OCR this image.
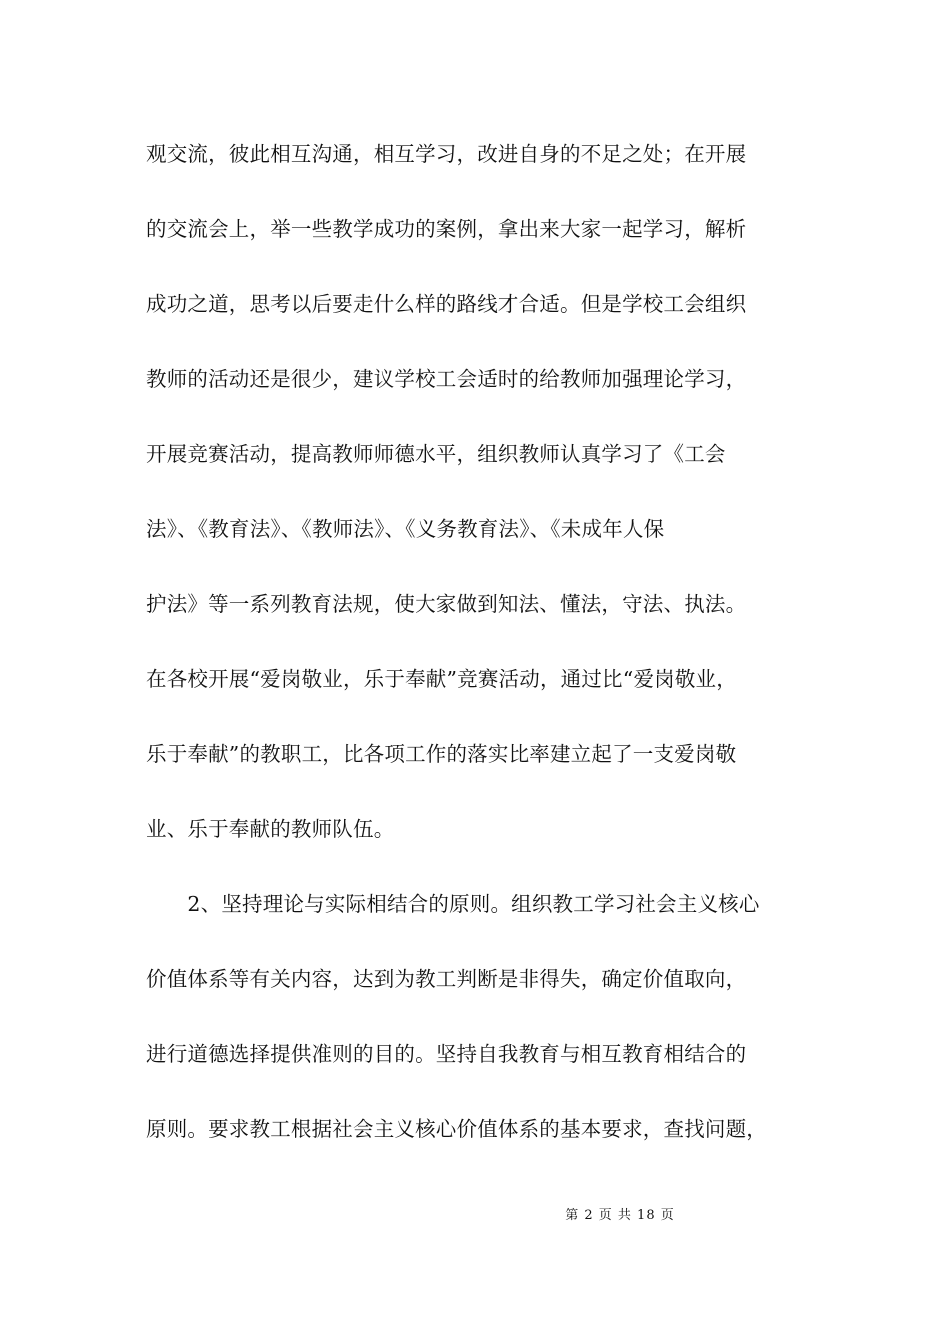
观交流，彼此相互沟通，相互学习，改进自身的不足之处；在开展
的交流会上，举一些教学成功的案例，拿出来大家一起学习，解析
成功之道，思考以后要走什么样的路线才合适。但是学校工会组织
教师的活动还是很少，建议学校工会适时的给教师加强理论学习，
开展竞赛活动，提高教师师德水平，组织教师认真学习了《工会
法》、《教育法》、《教师法》、《义务教育法》、《未成年人保
护法》等一系列教育法规，使大家做到知法、懂法，守法、执法。
在各校开展“爱岗敬业，乐于奉献”竞赛活动，通过比“爱岗敬业，
乐于奉献”的教职工，比各项工作的落实比率建立起了一支爱岗敬
业、乐于奉献的教师队伍。
　　2、坚持理论与实际相结合的原则。组织教工学习社会主义核心
价值体系等有关内容，达到为教工判断是非得失，确定价值取向，
进行道德选择提供准则的目的。坚持自我教育与相互教育相结合的
原则。要求教工根据社会主义核心价值体系的基本要求，查找问题，
第 2 页 共 18 页
